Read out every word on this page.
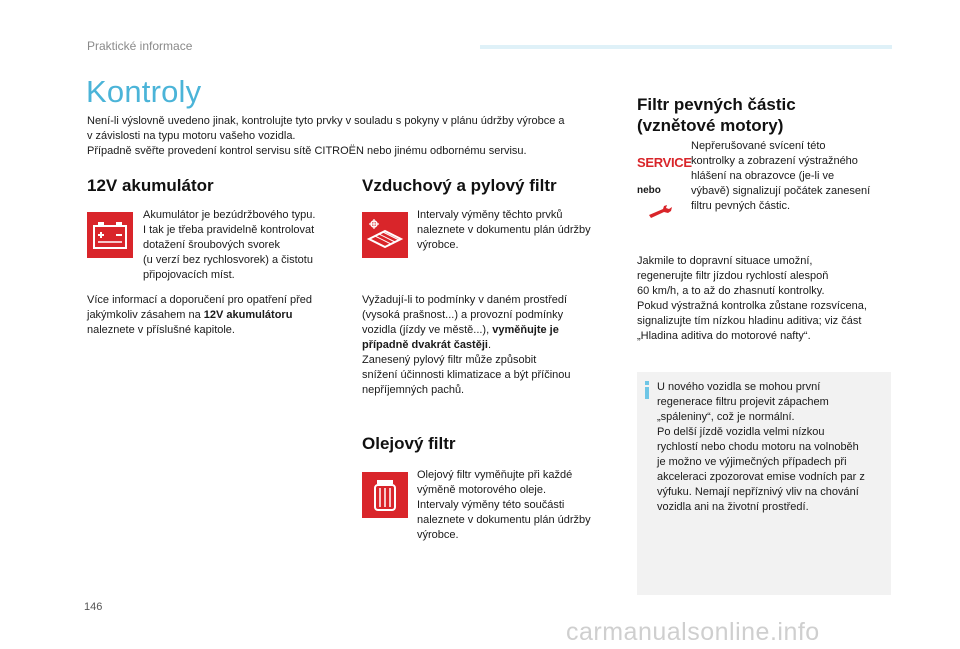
Praktické informace
Kontroly

Není-li výslovně uvedeno jinak, kontrolujte tyto prvky v souladu s pokyny v plánu údržby výrobce a

v závislosti na typu motoru vašeho vozidla.

Případně svěřte provedení kontrol servisu sítě CITROËN nebo jinému odbornému servisu.

12V akumulátor

Akumulátor je bezúdržbového typu.

I tak je třeba pravidelně kontrolovat

dotažení šroubových svorek

(u verzí bez rychlosvorek) a čistotu

připojovacích míst.

Více informací a doporučení pro opatření před

jakýmkoliv zásahem na 12V akumulátoru

naleznete v příslušné kapitole.

Vzduchový a pylový filtr

Intervaly výměny těchto prvků

naleznete v dokumentu plán údržby

výrobce.

Vyžadují-li to podmínky v daném prostředí

(vysoká prašnost...) a provozní podmínky

vozidla (jízdy ve městě...), vyměňujte je

případně dvakrát častěji.

Zanesený pylový filtr může způsobit

snížení účinnosti klimatizace a být příčinou

nepříjemných pachů.

Olejový filtr

Olejový filtr vyměňujte při každé

výměně motorového oleje.

Intervaly výměny této součásti

naleznete v dokumentu plán údržby

výrobce.

Filtr pevných částic
(vznětové motory)
SERVICE
nebo

Nepřerušované svícení této

kontrolky a zobrazení výstražného

hlášení na obrazovce (je-li ve

výbavě) signalizují počátek zanesení

filtru pevných částic.

Jakmile to dopravní situace umožní,

regenerujte filtr jízdou rychlostí alespoň

60 km/h, a to až do zhasnutí kontrolky.

Pokud výstražná kontrolka zůstane rozsvícena,

signalizujte tím nízkou hladinu aditiva; viz část

„Hladina aditiva do motorové nafty“.

U nového vozidla se mohou první

regenerace filtru projevit zápachem

„spáleniny“, což je normální.

Po delší jízdě vozidla velmi nízkou

rychlostí nebo chodu motoru na volnoběh

je možno ve výjimečných případech při

akceleraci zpozorovat emise vodních par z

výfuku. Nemají nepříznivý vliv na chování

vozidla ani na životní prostředí.

146
carmanualsonline.info
